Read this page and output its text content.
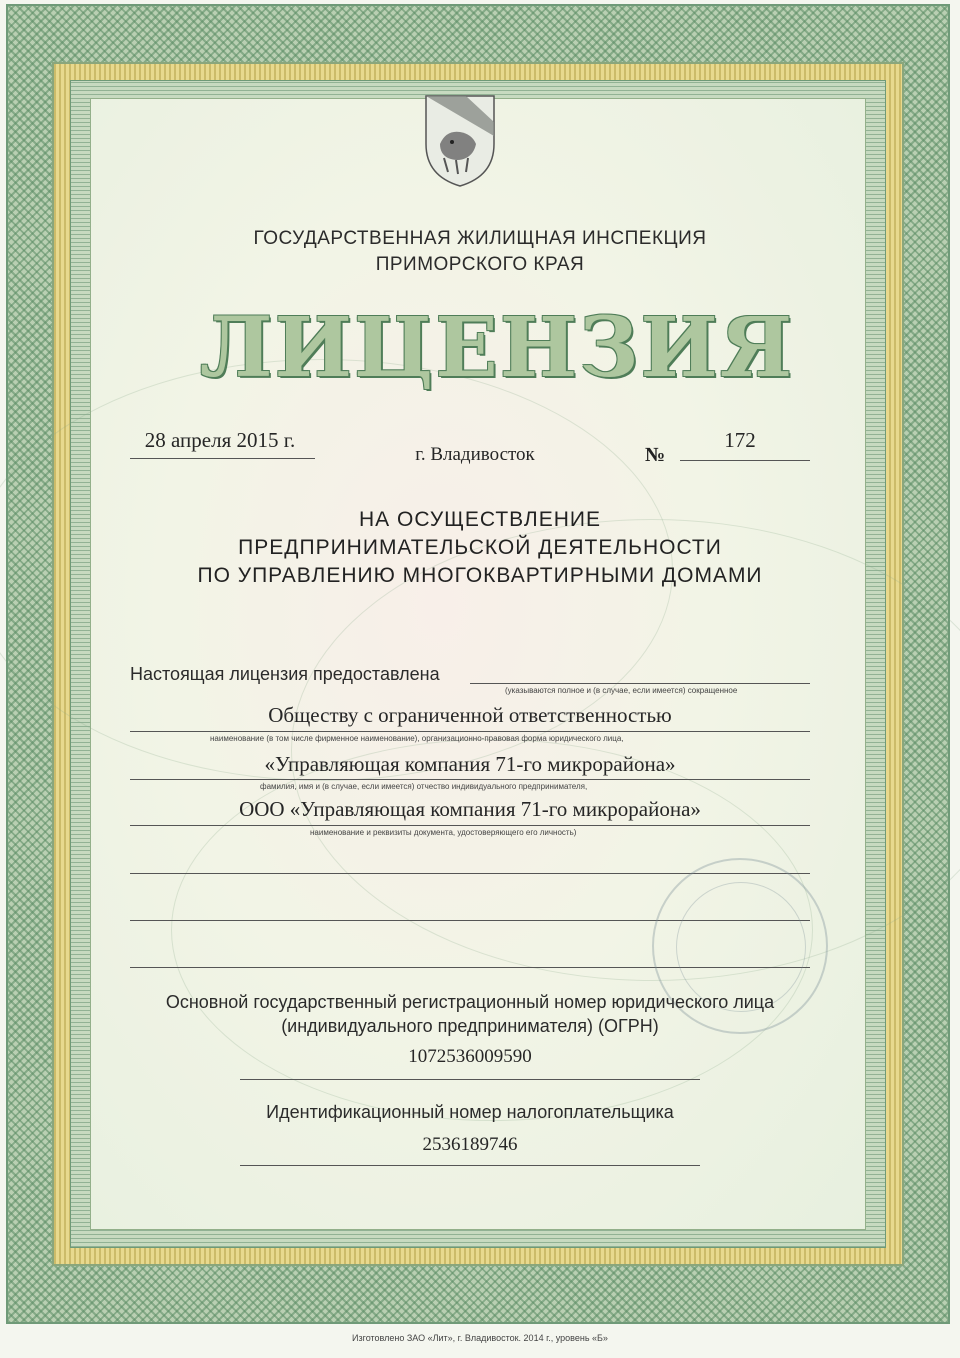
ГОСУДАРСТВЕННАЯ ЖИЛИЩНАЯ ИНСПЕКЦИЯ
ПРИМОРСКОГО КРАЯ
ЛИЦЕНЗИЯ
28 апреля 2015 г.
г. Владивосток	№
172
НА ОСУЩЕСТВЛЕНИЕ
ПРЕДПРИНИМАТЕЛЬСКОЙ ДЕЯТЕЛЬНОСТИ
ПО УПРАВЛЕНИЮ МНОГОКВАРТИРНЫМИ ДОМАМИ
Настоящая лицензия предоставлена
(указываются полное и (в случае, если имеется) сокращенное
Обществу с ограниченной ответственностью
наименование (в том числе фирменное наименование), организационно-правовая форма юридического лица,
«Управляющая компания 71-го микрорайона»
фамилия, имя и (в случае, если имеется) отчество индивидуального предпринимателя,
ООО «Управляющая компания 71-го микрорайона»
наименование и реквизиты документа, удостоверяющего его личность)
Основной государственный регистрационный номер юридического лица
(индивидуального предпринимателя) (ОГРН)
1072536009590
Идентификационный номер налогоплательщика
2536189746
Изготовлено ЗАО «Лит», г. Владивосток. 2014 г., уровень «Б»
